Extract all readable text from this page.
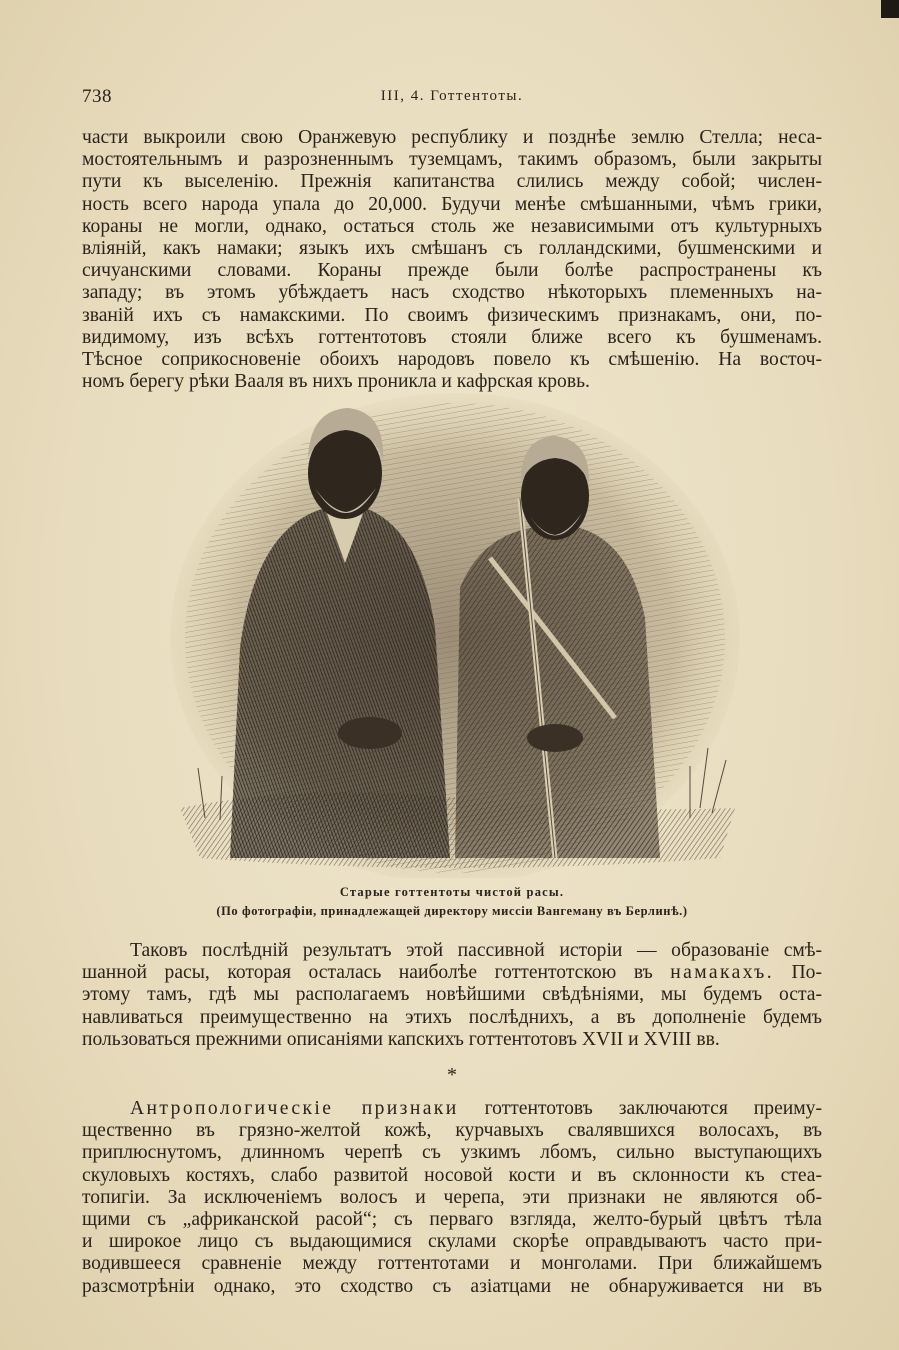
738	III, 4. Готтентоты.
части выкроили свою Оранжевую республику и позднѣе землю Стелла; неса-
мостоятельнымъ и разрозненнымъ туземцамъ, такимъ образомъ, были закрыты
пути къ выселенію. Прежнія капитанства слились между собой; числен-
ность всего народа упала до 20,000. Будучи менѣе смѣшанными, чѣмъ грики,
кораны не могли, однако, остаться столь же независимыми отъ культурныхъ
вліяній, какъ намаки; языкъ ихъ смѣшанъ съ голландскими, бушменскими и
сичуанскими словами. Кораны прежде были болѣе распространены къ
западу; въ этомъ убѣждаетъ насъ сходство нѣкоторыхъ племенныхъ на-
званій ихъ съ намакскими. По своимъ физическимъ признакамъ, они, по-
видимому, изъ всѣхъ готтентотовъ стояли ближе всего къ бушменамъ.
Тѣсное соприкосновеніе обоихъ народовъ повело къ смѣшенію. На восточ-
номъ берегу рѣки Вааля въ нихъ проникла и кафрская кровь.
Старые готтентоты чистой расы.
(По фотографіи, принадлежащей директору миссіи Вангеману въ Берлинѣ.)
Таковъ послѣдній результатъ этой пассивной исторіи — образованіе смѣ-
шанной расы, которая осталась наиболѣе готтентотскою въ намакахъ. По-
этому тамъ, гдѣ мы располагаемъ новѣйшими свѣдѣніями, мы будемъ оста-
навливаться преимущественно на этихъ послѣднихъ, а въ дополненіе будемъ
пользоваться прежними описаніями капскихъ готтентотовъ XVII и XVIII вв.
*
Антропологическіе признаки готтентотовъ заключаются преиму-
щественно въ грязно-желтой кожѣ, курчавыхъ свалявшихся волосахъ, въ
приплюснутомъ, длинномъ черепѣ съ узкимъ лбомъ, сильно выступающихъ
скуловыхъ костяхъ, слабо развитой носовой кости и въ склонности къ стеа-
топигіи. За исключеніемъ волосъ и черепа, эти признаки не являются об-
щими съ „африканской расой“; съ перваго взгляда, желто-бурый цвѣтъ тѣла
и широкое лицо съ выдающимися скулами скорѣе оправдываютъ часто при-
водившееся сравненіе между готтентотами и монголами. При ближайшемъ
разсмотрѣніи однако, это сходство съ азіатцами не обнаруживается ни въ
